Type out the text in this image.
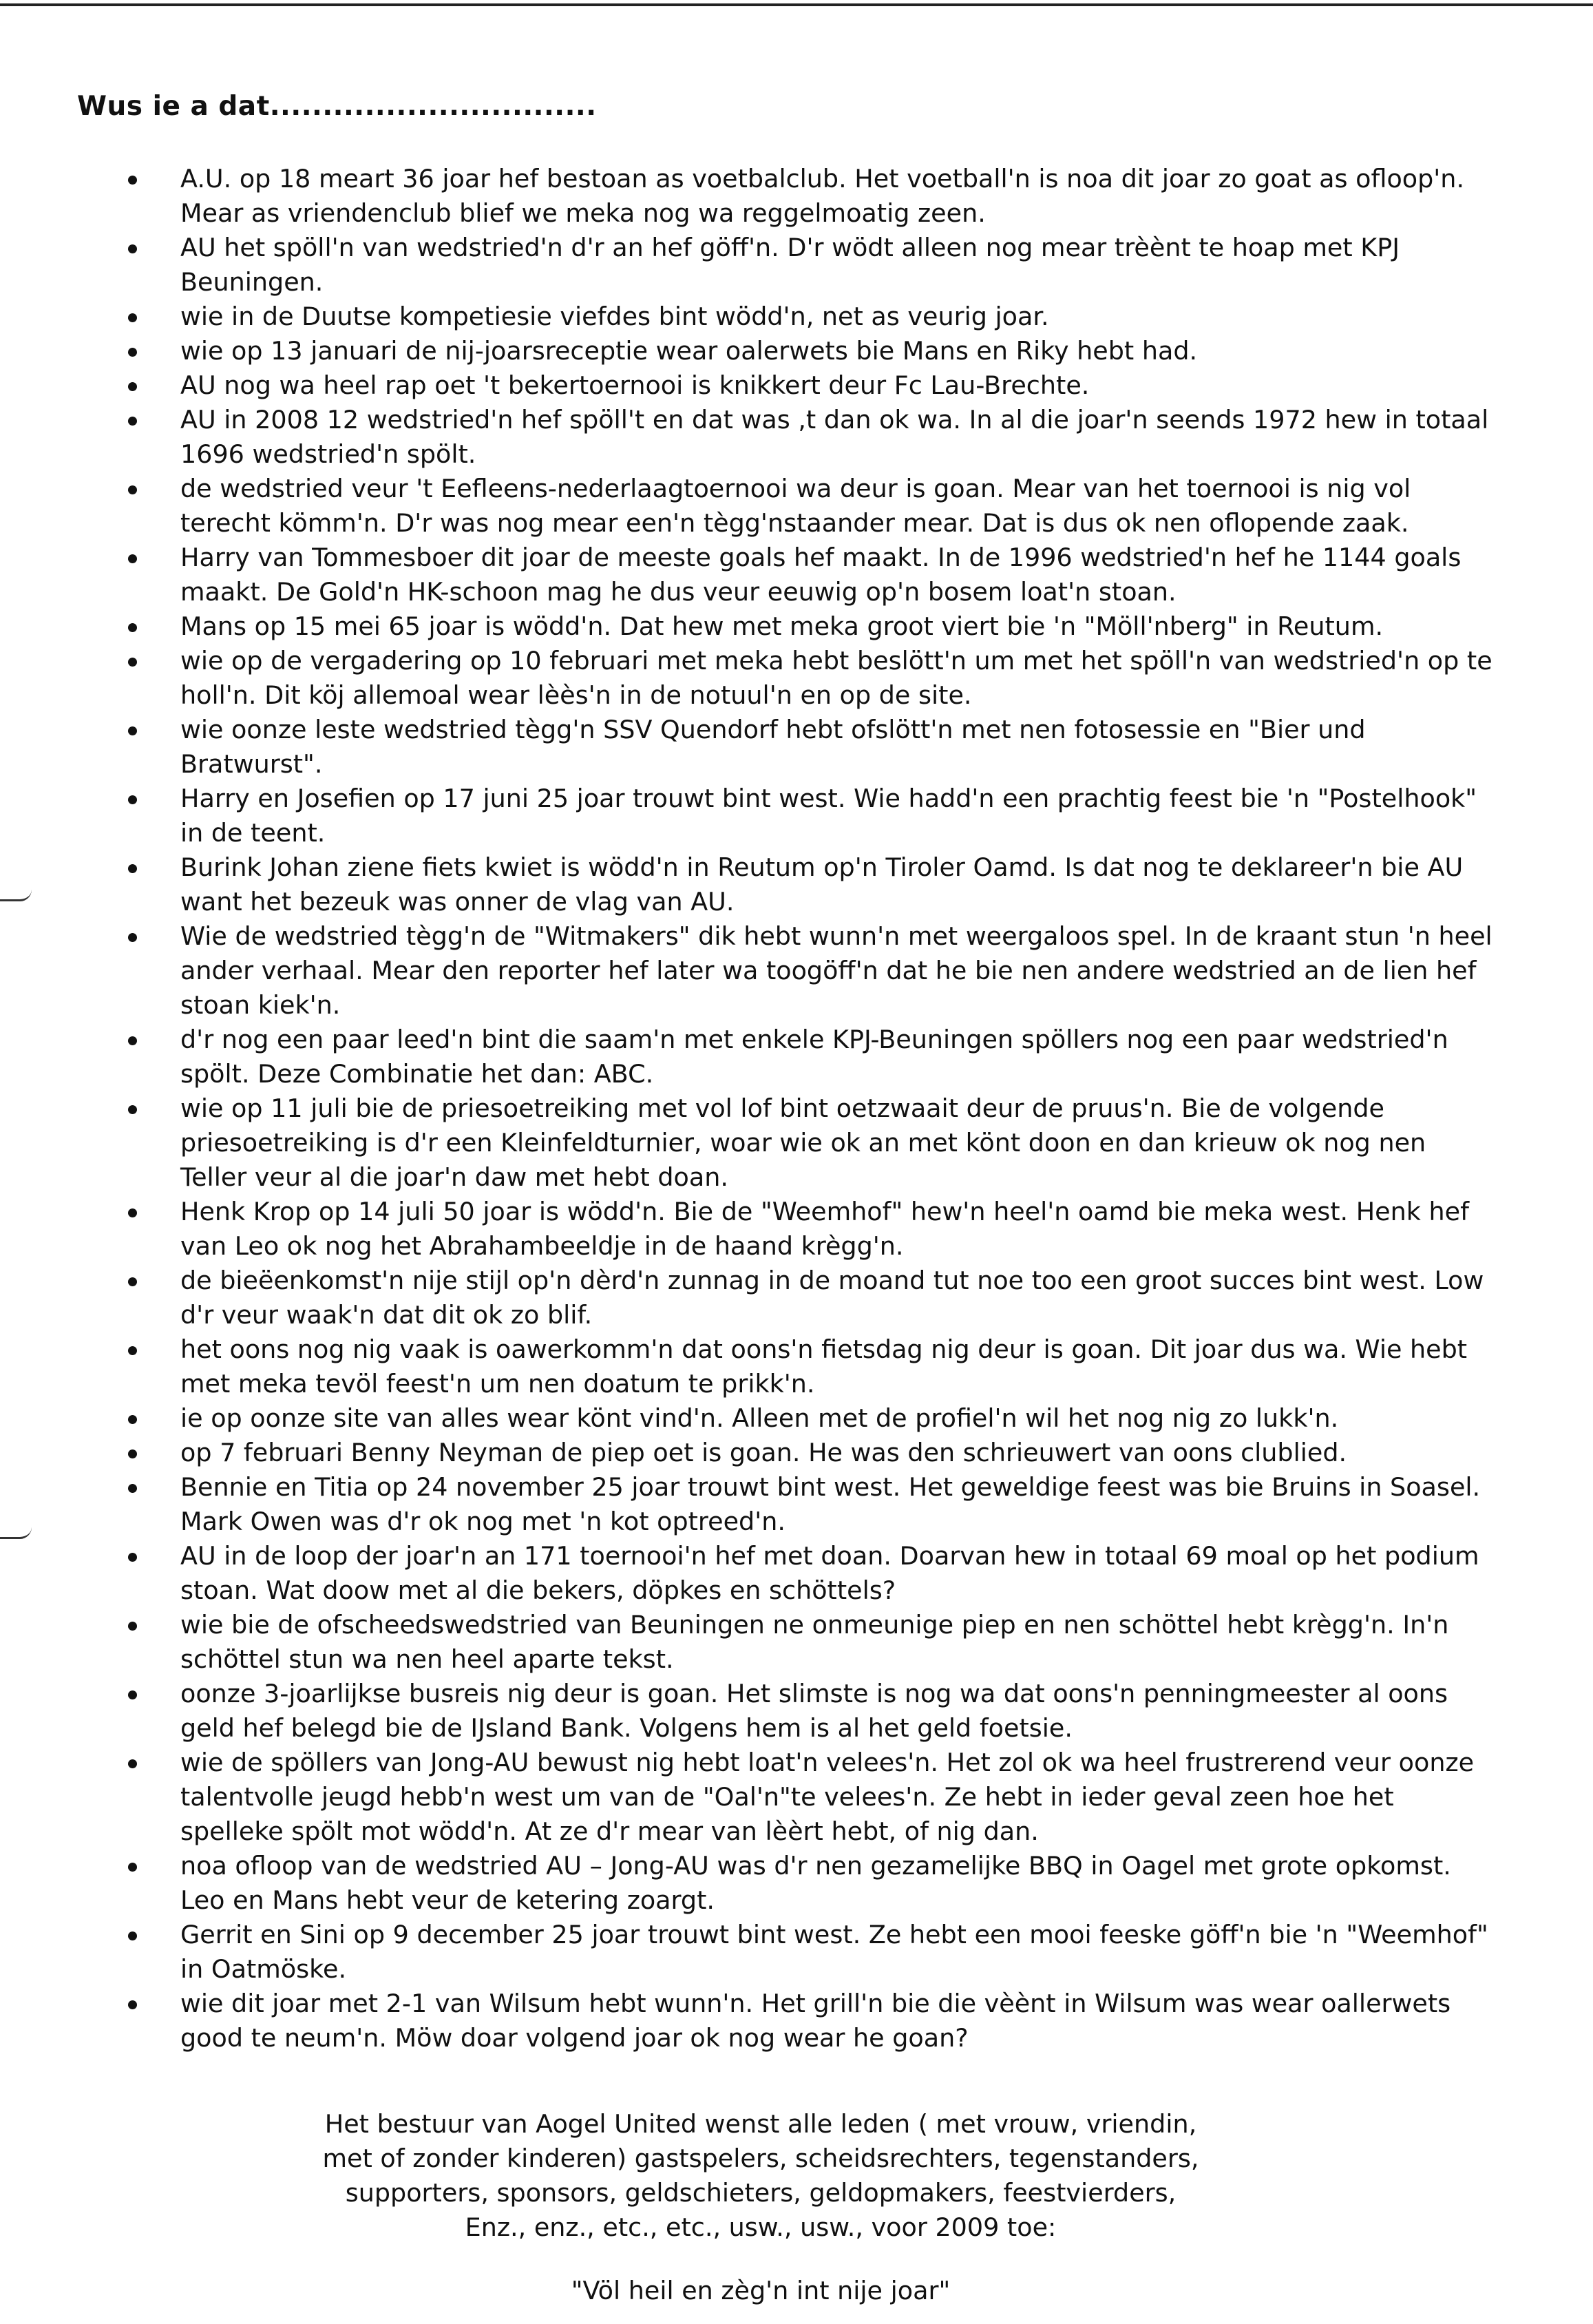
Wus ie a dat...............................
A.U. op 18 meart 36 joar hef bestoan as voetbalclub. Het voetball'n is noa dit joar zo goat as ofloop'n. Mear as vriendenclub blief we meka nog wa reggelmoatig zeen.
AU het spöll'n van wedstried'n d'r an hef göff'n. D'r wödt alleen nog mear trèènt te hoap met KPJ Beuningen.
wie in de Duutse kompetiesie viefdes bint wödd'n, net as veurig joar.
wie op 13 januari de nij-joarsreceptie wear oalerwets bie Mans en Riky hebt had.
AU nog wa heel rap oet 't bekertoernooi is knikkert deur Fc Lau-Brechte.
AU in 2008 12 wedstried'n hef spöll't en dat was ,t dan ok wa. In al die joar'n seends 1972 hew in totaal 1696 wedstried'n spölt.
de wedstried veur 't Eefleens-nederlaagtoernooi wa deur is goan. Mear van het toernooi is nig vol terecht kömm'n. D'r was nog mear een'n tègg'nstaander mear. Dat is dus ok nen oflopende zaak.
Harry van Tommesboer dit joar de meeste goals hef maakt. In de 1996 wedstried'n hef he 1144 goals maakt. De Gold'n HK-schoon mag he dus veur eeuwig op'n bosem loat'n stoan.
Mans op 15 mei 65 joar is wödd'n. Dat hew met meka groot viert bie 'n "Möll'nberg" in Reutum.
wie op de vergadering op 10 februari met meka hebt beslött'n um met het spöll'n van wedstried'n op te holl'n. Dit köj allemoal wear lèès'n in de notuul'n en op de site.
wie oonze leste wedstried tègg'n SSV Quendorf hebt ofslött'n met nen fotosessie en "Bier und Bratwurst".
Harry en Josefien op 17 juni 25 joar trouwt bint west. Wie hadd'n een prachtig feest bie 'n "Postelhook" in de teent.
Burink Johan ziene fiets kwiet is wödd'n in Reutum op'n Tiroler Oamd. Is dat nog te deklareer'n bie AU want het bezeuk was onner de vlag van AU.
Wie de wedstried tègg'n de "Witmakers" dik hebt wunn'n met weergaloos spel. In de kraant stun 'n heel ander verhaal. Mear den reporter hef later wa toogöff'n dat he bie nen andere wedstried an de lien hef stoan kiek'n.
d'r nog een paar leed'n bint die saam'n met enkele KPJ-Beuningen spöllers nog een paar wedstried'n spölt. Deze Combinatie het dan: ABC.
wie op 11 juli bie de priesoetreiking met vol lof bint oetzwaait deur de pruus'n. Bie de volgende priesoetreiking is d'r een Kleinfeldturnier, woar wie ok an met könt doon en dan krieuw ok nog nen Teller veur al die joar'n daw met hebt doan.
Henk Krop op 14 juli 50 joar is wödd'n. Bie de "Weemhof" hew'n heel'n oamd bie meka west. Henk hef van Leo ok nog het Abrahambeeldje in de haand krègg'n.
de bieëenkomst'n nije stijl op'n dèrd'n zunnag in de moand tut noe too een groot succes bint west. Low d'r veur waak'n dat dit ok zo blif.
het oons nog nig vaak is oawerkomm'n dat oons'n fietsdag nig deur is goan. Dit joar dus wa. Wie hebt met meka tevöl feest'n um nen doatum te prikk'n.
ie op oonze site van alles wear könt vind'n. Alleen met de profiel'n wil het nog nig zo lukk'n.
op 7 februari Benny Neyman de piep oet is goan. He was den schrieuwert van oons clublied.
Bennie en Titia op 24 november 25 joar trouwt bint west. Het geweldige feest was bie Bruins in Soasel. Mark Owen was d'r ok nog met 'n kot optreed'n.
AU in de loop der joar'n an 171 toernooi'n hef met doan. Doarvan hew in totaal 69 moal op het podium stoan. Wat doow met al die bekers, döpkes en schöttels?
wie bie de ofscheedswedstried van Beuningen ne onmeunige piep en nen schöttel hebt krègg'n. In'n schöttel stun wa nen heel aparte tekst.
oonze 3-joarlijkse busreis nig deur is goan. Het slimste is nog wa dat oons'n penningmeester al oons geld hef belegd bie de IJsland Bank. Volgens hem is al het geld foetsie.
wie de spöllers van Jong-AU bewust nig hebt loat'n velees'n. Het zol ok wa heel frustrerend veur oonze talentvolle jeugd hebb'n west um van de "Oal'n"te velees'n. Ze hebt in ieder geval zeen hoe het spelleke spölt mot wödd'n. At ze d'r mear van lèèrt hebt, of nig dan.
noa ofloop van de wedstried AU – Jong-AU was d'r nen gezamelijke BBQ in Oagel met grote opkomst. Leo en Mans hebt veur de ketering zoargt.
Gerrit en Sini op 9 december 25 joar trouwt bint west. Ze hebt een mooi feeske göff'n bie 'n "Weemhof" in Oatmöske.
wie dit joar met 2-1 van Wilsum hebt wunn'n. Het grill'n bie die vèènt in Wilsum was wear oallerwets good te neum'n. Möw doar volgend joar ok nog wear he goan?
Het bestuur van Aogel United wenst alle leden ( met vrouw, vriendin,
met of zonder kinderen) gastspelers, scheidsrechters, tegenstanders,
supporters, sponsors, geldschieters, geldopmakers, feestvierders,
Enz., enz., etc., etc., usw., usw., voor 2009 toe:
"Völ heil en zèg'n int nije joar"
